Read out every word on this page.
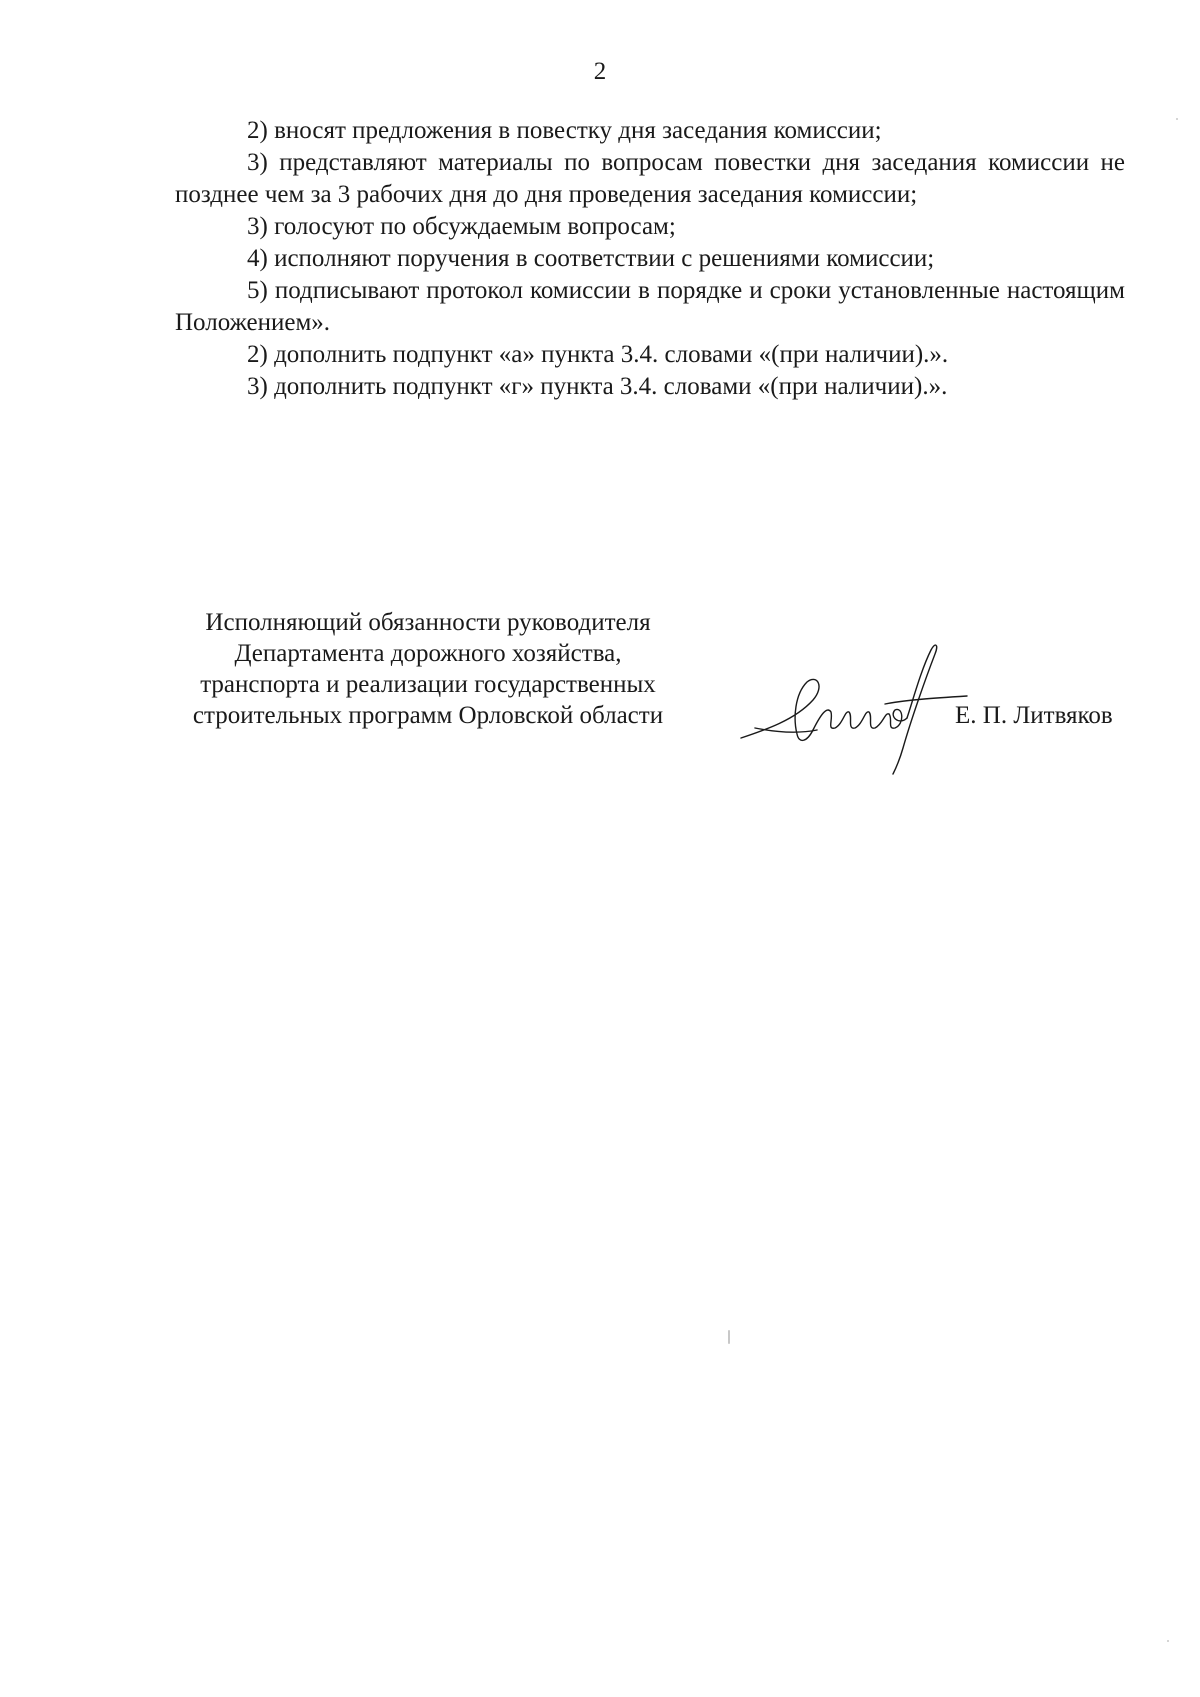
2

2) вносят предложения в повестку дня заседания комиссии;

3) представляют материалы по вопросам повестки дня заседания комиссии не позднее чем за 3 рабочих дня до дня проведения заседания комиссии;

3) голосуют по обсуждаемым вопросам;

4) исполняют поручения в соответствии с решениями комиссии;

5) подписывают протокол комиссии в порядке и сроки установленные настоящим Положением».

2) дополнить подпункт «а» пункта 3.4. словами «(при наличии).».

3) дополнить подпункт «г» пункта 3.4. словами «(при наличии).».

Исполняющий обязанности руководителя
Департамента дорожного хозяйства,
транспорта и реализации государственных
строительных программ Орловской области	Е. П. Литвяков
